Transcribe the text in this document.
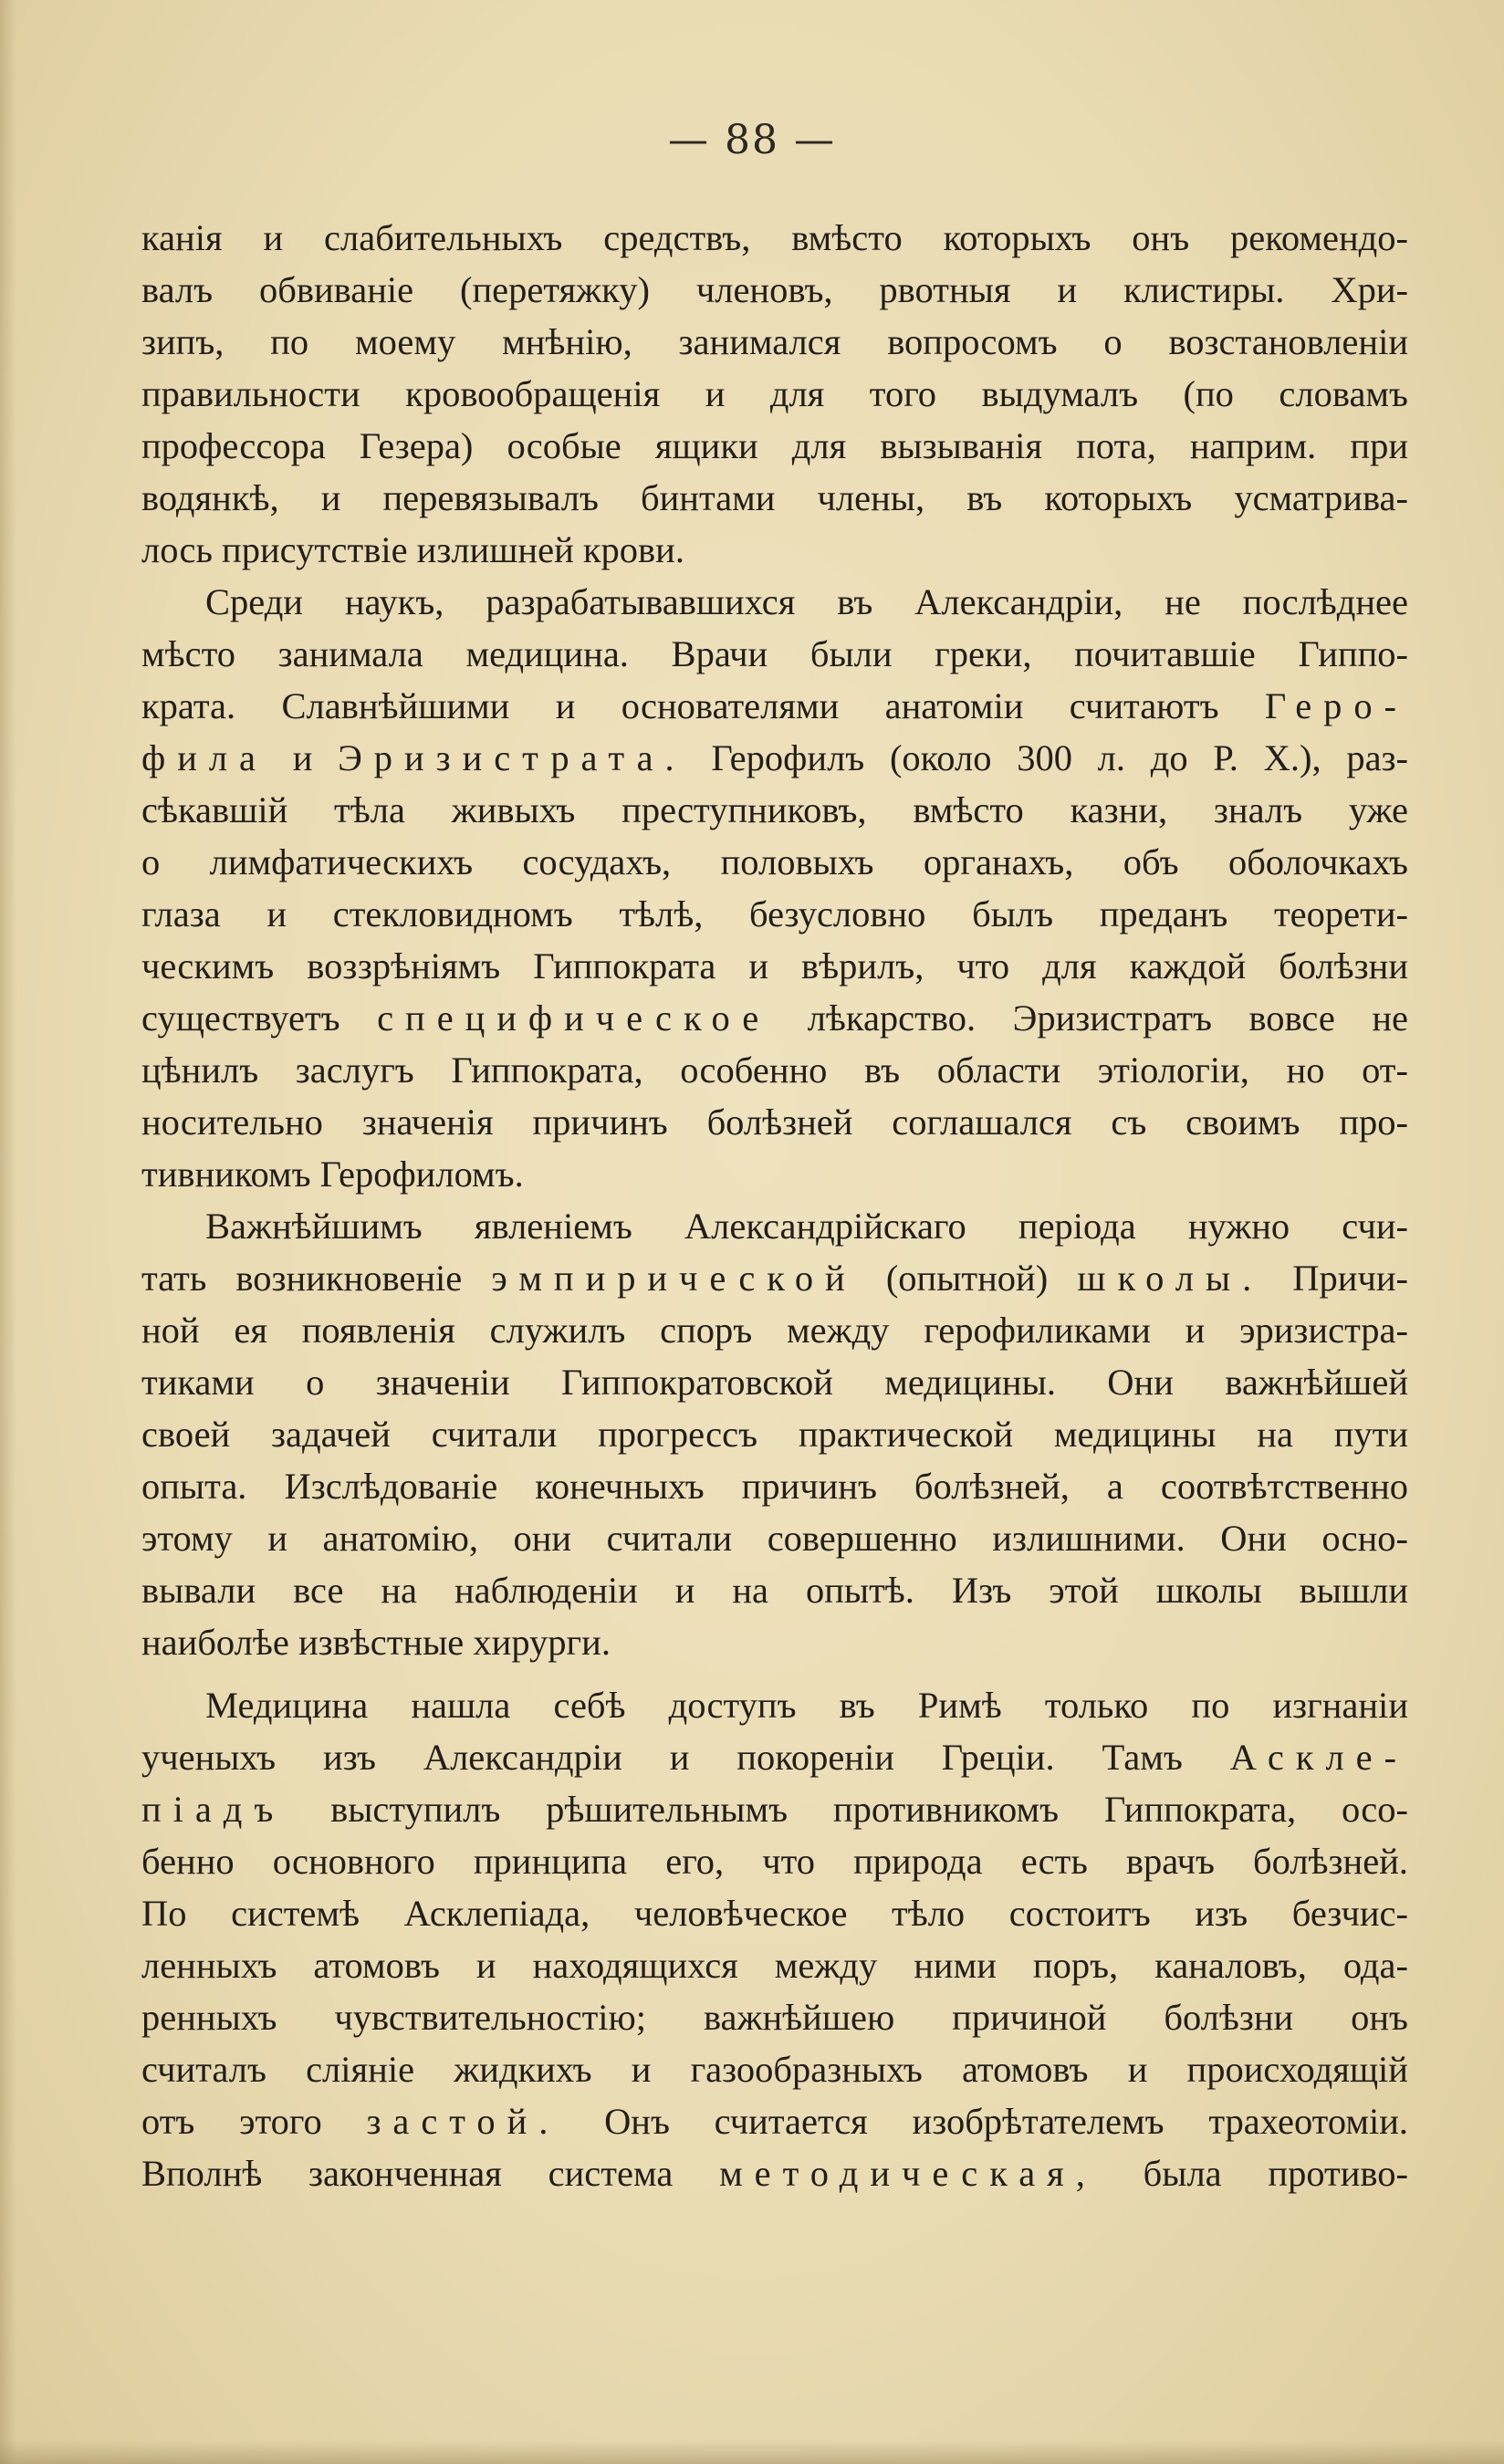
— 88 —
канія и слабительныхъ средствъ, вмѣсто которыхъ онъ рекомендо-
валъ обвиваніе (перетяжку) членовъ, рвотныя и клистиры. Хри-
зипъ, по моему мнѣнію, занимался вопросомъ о возстановленіи
правильности кровообращенія и для того выдумалъ (по словамъ
профессора Гезера) особые ящики для вызыванія пота, наприм. при
водянкѣ, и перевязывалъ бинтами члены, въ которыхъ усматрива-
лось присутствіе излишней крови.
Среди наукъ, разрабатывавшихся въ Александріи, не послѣднее
мѣсто занимала медицина. Врачи были греки, почитавшіе Гиппо-
крата. Славнѣйшими и основателями анатоміи считаютъ Геро-
фила и Эризистрата. Герофилъ (около 300 л. до Р. Х.), раз-
сѣкавшій тѣла живыхъ преступниковъ, вмѣсто казни, зналъ уже
о лимфатическихъ сосудахъ, половыхъ органахъ, объ оболочкахъ
глаза и стекловидномъ тѣлѣ, безусловно былъ преданъ теорети-
ческимъ воззрѣніямъ Гиппократа и вѣрилъ, что для каждой болѣзни
существуетъ специфическое лѣкарство. Эризистратъ вовсе не
цѣнилъ заслугъ Гиппократа, особенно въ области этіологіи, но от-
носительно значенія причинъ болѣзней соглашался съ своимъ про-
тивникомъ Герофиломъ.
Важнѣйшимъ явленіемъ Александрійскаго періода нужно счи-
тать возникновеніе эмпирической (опытной) школы. Причи-
ной ея появленія служилъ споръ между герофиликами и эризистра-
тиками о значеніи Гиппократовской медицины. Они важнѣйшей
своей задачей считали прогрессъ практической медицины на пути
опыта. Изслѣдованіе конечныхъ причинъ болѣзней, а соотвѣтственно
этому и анатомію, они считали совершенно излишними. Они осно-
вывали все на наблюденіи и на опытѣ. Изъ этой школы вышли
наиболѣе извѣстные хирурги.
Медицина нашла себѣ доступъ въ Римѣ только по изгнаніи
ученыхъ изъ Александріи и покореніи Греціи. Тамъ Аскле-
піадъ выступилъ рѣшительнымъ противникомъ Гиппократа, осо-
бенно основного принципа его, что природа есть врачъ болѣзней.
По системѣ Асклепіада, человѣческое тѣло состоитъ изъ безчис-
ленныхъ атомовъ и находящихся между ними поръ, каналовъ, ода-
ренныхъ чувствительностію; важнѣйшею причиной болѣзни онъ
считалъ сліяніе жидкихъ и газообразныхъ атомовъ и происходящій
отъ этого застой. Онъ считается изобрѣтателемъ трахеотоміи.
Вполнѣ законченная система методическая, была противо-
